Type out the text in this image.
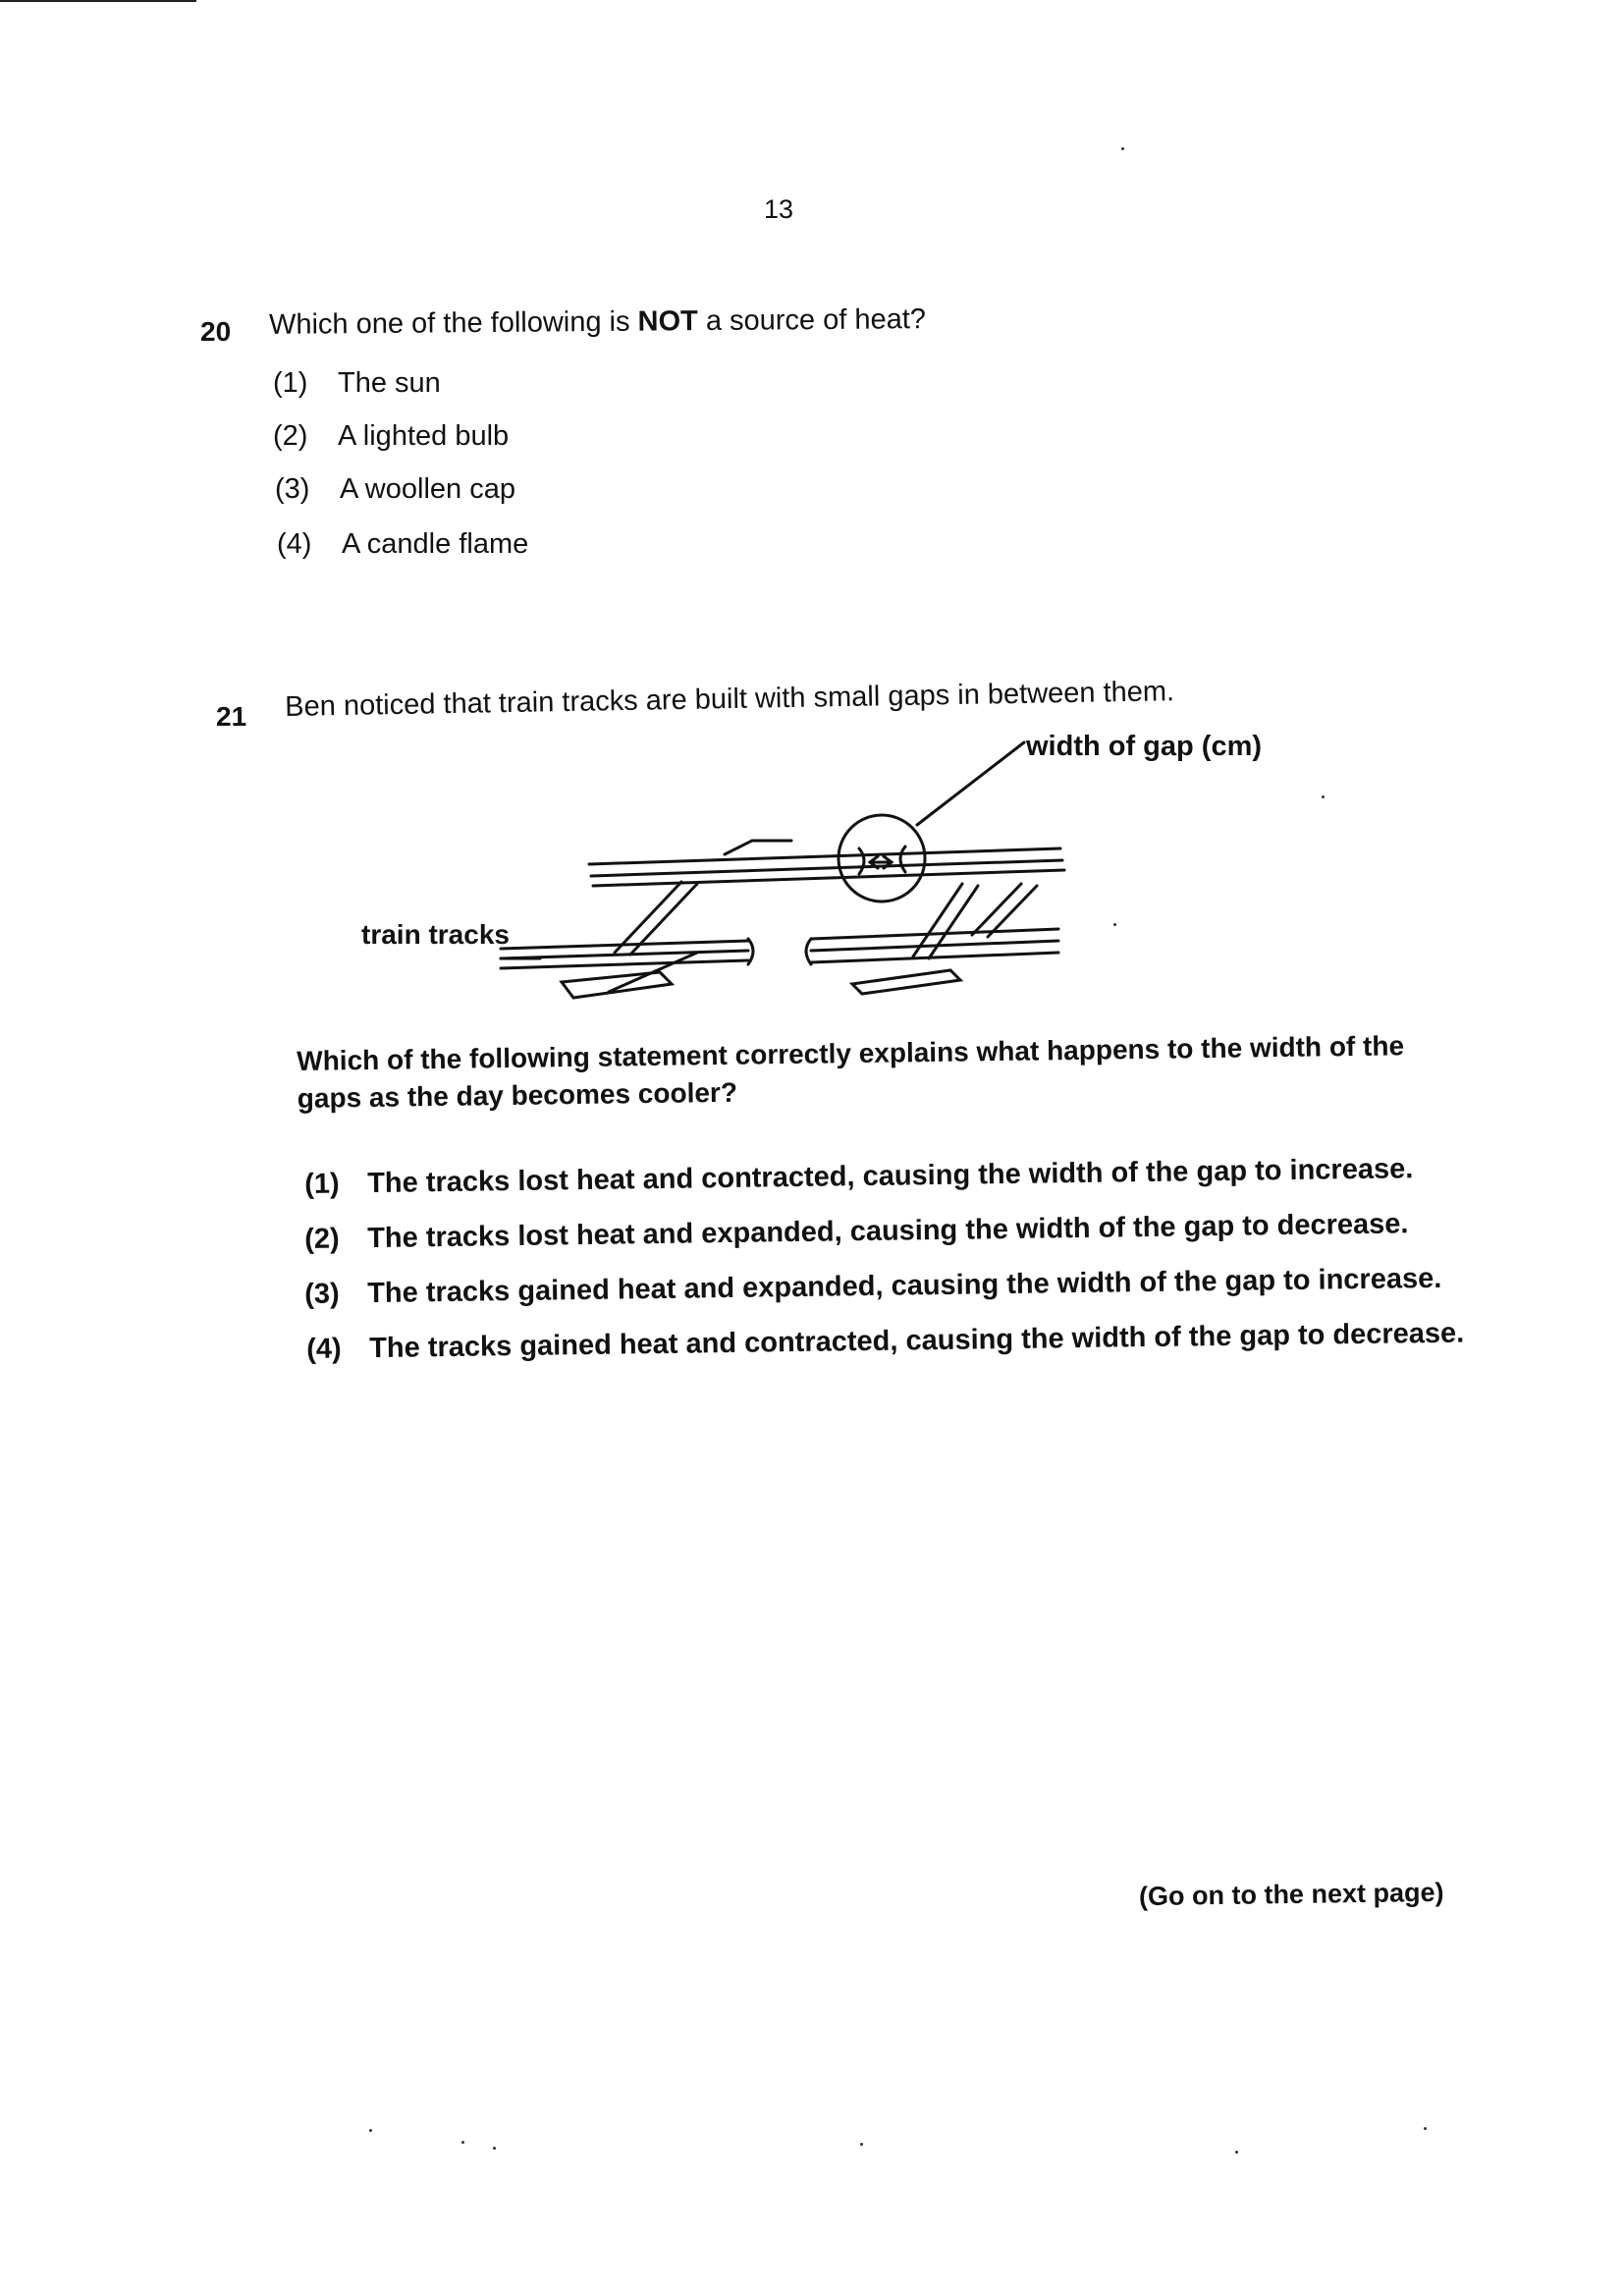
13
20 Which one of the following is NOT a source of heat?
(1) The sun
(2) A lighted bulb
(3) A woollen cap
(4) A candle flame
21 Ben noticed that train tracks are built with small gaps in between them.
width of gap (cm)
train tracks
Which of the following statement correctly explains what happens to the width of the
gaps as the day becomes cooler?
(1) The tracks lost heat and contracted, causing the width of the gap to increase.
(2) The tracks lost heat and expanded, causing the width of the gap to decrease.
(3) The tracks gained heat and expanded, causing the width of the gap to increase.
(4) The tracks gained heat and contracted, causing the width of the gap to decrease.
(Go on to the next page)
